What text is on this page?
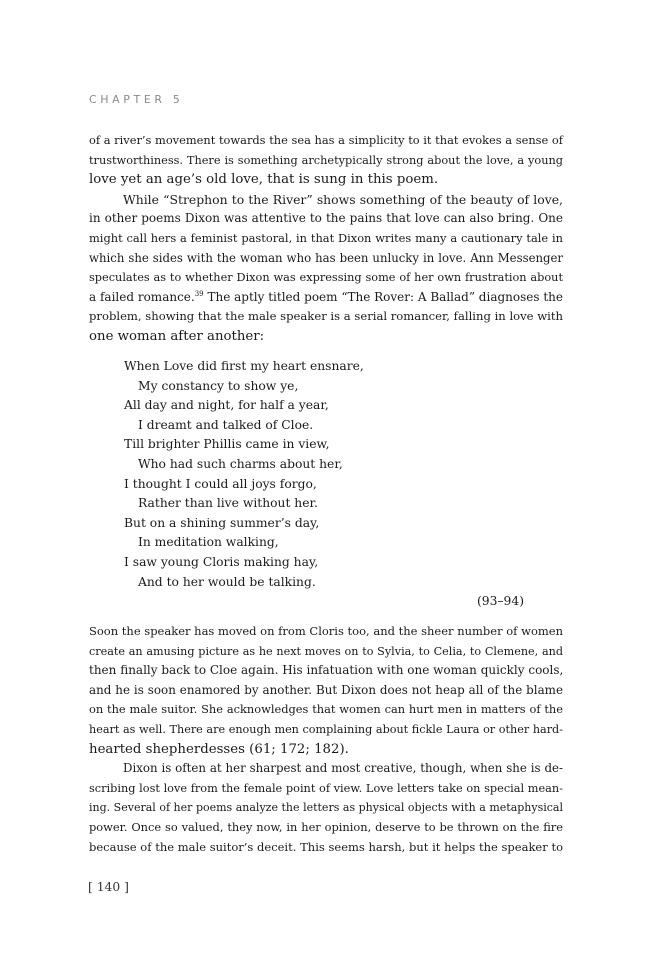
CHAPTER 5

of a river’s movement towards the sea has a simplicity to it that evokes a sense of
trustworthiness. There is something archetypically strong about the love, a young
love yet an age’s old love, that is sung in this poem.

While “Strephon to the River” shows something of the beauty of love,
in other poems Dixon was attentive to the pains that love can also bring. One
might call hers a feminist pastoral, in that Dixon writes many a cautionary tale in
which she sides with the woman who has been unlucky in love. Ann Messenger
speculates as to whether Dixon was expressing some of her own frustration about
a failed romance.$^{39}$ The aptly titled poem “The Rover: A Ballad” diagnoses the
problem, showing that the male speaker is a serial romancer, falling in love with
one woman after another:

When Love did first my heart ensnare,
My constancy to show ye,
All day and night, for half a year,
I dreamt and talked of Cloe.
Till brighter Phillis came in view,
Who had such charms about her,
I thought I could all joys forgo,
Rather than live without her.
But on a shining summer’s day,
In meditation walking,
I saw young Cloris making hay,
And to her would be talking.
(93–94)

Soon the speaker has moved on from Cloris too, and the sheer number of women
create an amusing picture as he next moves on to Sylvia, to Celia, to Clemene, and
then finally back to Cloe again. His infatuation with one woman quickly cools,
and he is soon enamored by another. But Dixon does not heap all of the blame
on the male suitor. She acknowledges that women can hurt men in matters of the
heart as well. There are enough men complaining about fickle Laura or other hard-
hearted shepherdesses (61; 172; 182).

Dixon is often at her sharpest and most creative, though, when she is de-
scribing lost love from the female point of view. Love letters take on special mean-
ing. Several of her poems analyze the letters as physical objects with a metaphysical
power. Once so valued, they now, in her opinion, deserve to be thrown on the fire
because of the male suitor’s deceit. This seems harsh, but it helps the speaker to

[ 140 ]
